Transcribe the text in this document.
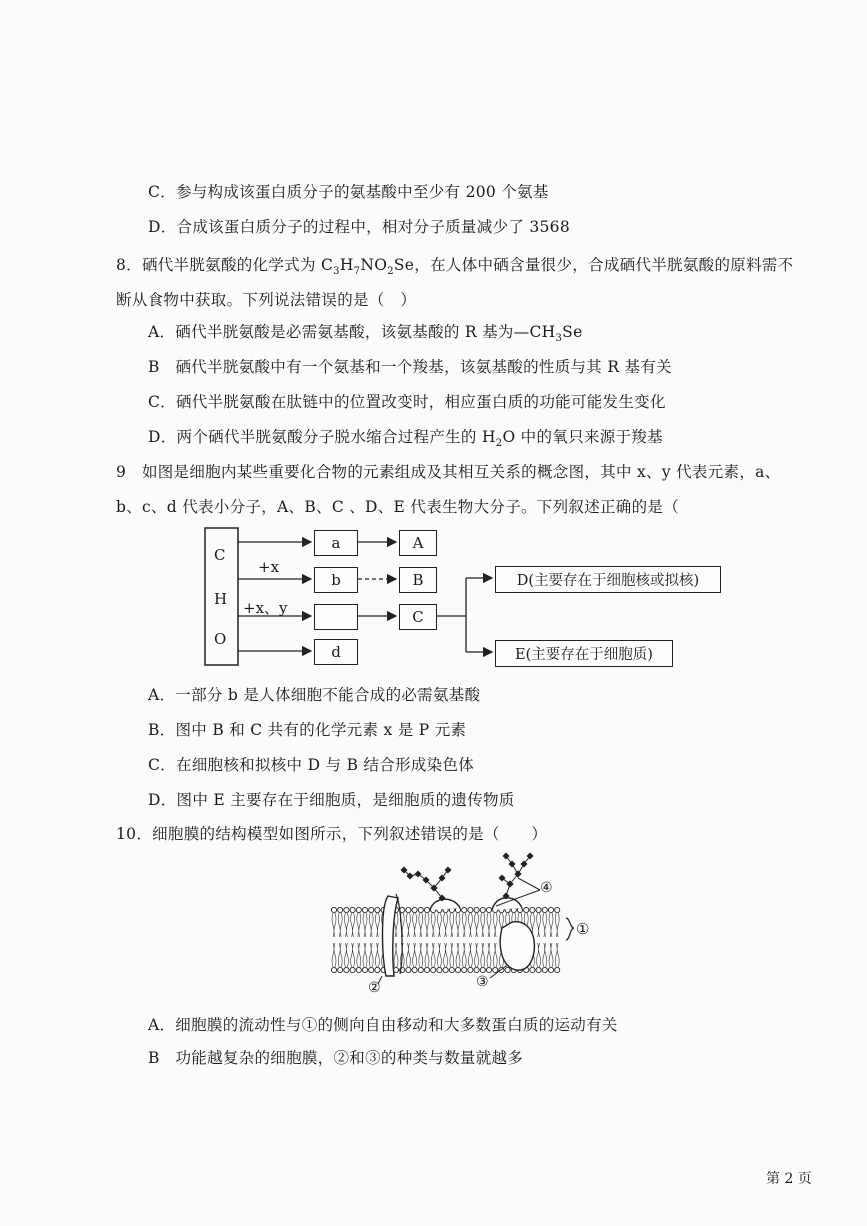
C．参与构成该蛋白质分子的氨基酸中至少有 200 个氨基
D．合成该蛋白质分子的过程中，相对分子质量减少了 3568
8．硒代半胱氨酸的化学式为 $C_3H_7NO_2Se$，在人体中硒含量很少，合成硒代半胱氨酸的原料需不
断从食物中获取。下列说法错误的是（　）
A．硒代半胱氨酸是必需氨基酸，该氨基酸的 R 基为$—CH_3Se$
B　硒代半胱氨酸中有一个氨基和一个羧基，该氨基酸的性质与其 R 基有关
C．硒代半胱氨酸在肽链中的位置改变时，相应蛋白质的功能可能发生变化
D．两个硒代半胱氨酸分子脱水缩合过程产生的 $H_2O$ 中的氧只来源于羧基
9　如图是细胞内某些重要化合物的元素组成及其相互关系的概念图，其中 x、y 代表元素，a、
b、c、d 代表小分子，A、B、C 、D、E 代表生物大分子。下列叙述正确的是（
C
H
O
+x
+x、y
a
b
d
A
B
C
D(主要存在于细胞核或拟核)
E(主要存在于细胞质)
A．一部分 b 是人体细胞不能合成的必需氨基酸
B．图中 B 和 C 共有的化学元素 x 是 P 元素
C．在细胞核和拟核中 D 与 B 结合形成染色体
D．图中 E 主要存在于细胞质，是细胞质的遗传物质
10．细胞膜的结构模型如图所示，下列叙述错误的是（　　）
①
②	③
④
A．细胞膜的流动性与①的侧向自由移动和大多数蛋白质的运动有关
B　功能越复杂的细胞膜，②和③的种类与数量就越多
第 2 页
